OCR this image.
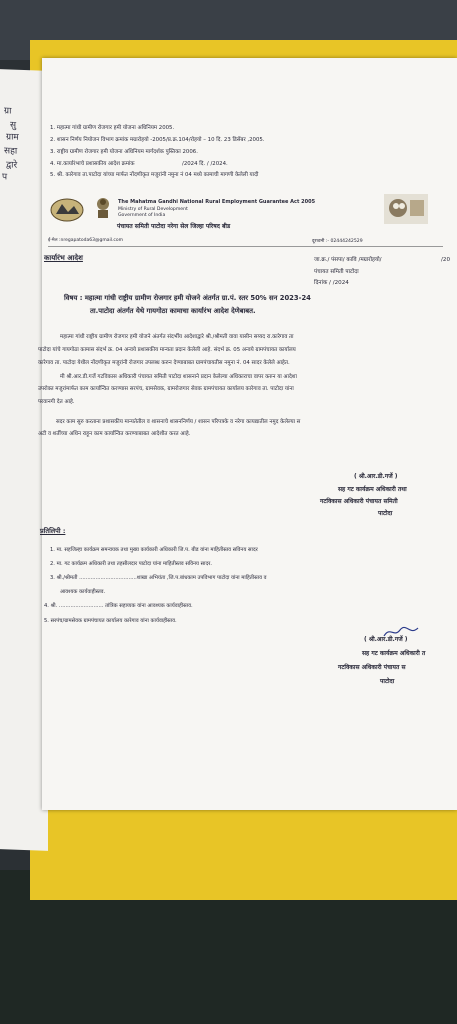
ग्रा
सु
ग्राम
सहा
द्वारे
प
1. महात्मा गांधी ग्रामीण रोजगार हमी योजना अधिनियम 2005.
2. शासन निर्णय नियोजन विभाग क्रमांक मग्रारोहयो -2005/प्र.क्र.104/रोहयो – 10 दि. 23 डिसेंबर ,2005.
3. राष्ट्रीय ग्रामीण रोजगार हमी योजना अधिनियम मार्गदर्शक पुस्तिका 2006.
4. मा.कार्यारंभाचे प्रशासकीय आदेश क्रमांक	/2024 दि. / /2024.
5. श्री. कारेगाव ता.पाटोदा यांच्या मार्फत नोंदणीकृत मजुरांनी नमुना नं 04 मध्ये कामाची मागणी केलेली यादी
The Mahatma Gandhi National Rural Employment Guarantee Act 2005
Ministry of Rural Development
Government of India
पंचायत समिती पाटोदा नरेगा सेल जिल्हा परिषद बीड
ई-मेल :nregapatoda63@gmail.com	दूरध्वनी :- 02444242529
कार्यारंभ आदेश	जा.क्र./ पंसपा/ कावि /मग्रारोहयो/	/20
पंचायत समिती पाटोदा
दिनांक / /2024
विषय : महात्मा गांधी राष्ट्रीय ग्रामीण रोजगार हमी योजने अंतर्गत ग्रा.पं. स्तर 50% सन 2023-24
ता.पाटोदा अंतर्गत येथे गायगोठा कामाचा कार्यारंभ आदेश देणेबाबत.
महात्मा गांधी राष्ट्रीय ग्रामीण रोजगार हमी योजने अंतर्गत संदर्भीय आदेशाद्वारे श्री./श्रीमती वावा यासीन सय्यद रा.कारेगाव ता
पाटोदा यांचे गायगोठा कामास संदर्भ क्र. 04 अन्वये प्रशासकीय मान्यता प्रदान केलेली आहे. संदर्भ क्र. 05 अन्वये ग्रामपंचायत कार्यालय
कारेगाव ता. पाटोदा येथील नोंदणीकृत मजुरांनी रोजगार उपलब्ध करुन देण्याबाबत ग्रामपंचायतीस नमुना नं. 04 सादर केलेले आहेत.
मी श्री.आर.डी.गर्जे गटविकास अधिकारी पंचायत समिती पाटोदा शासनाने प्रदान केलेल्या अधिकाराचा वापर करुन या आदेशा
उपरोक्त मजुरांमार्फत काम कार्यान्वित करण्यास सरपंच, ग्रामसेवक, ग्रामरोजगार सेवक ग्रामपंचायत कार्यालय कारेगाव ता. पाटोदा यांना
परवानगी देत आहे.
सदर काम सुरु करताना प्रशासकीय मान्यतेतील व शासनाचे शासननिर्णय / शासन परिपत्रके व नरेगा कायद्यातील नमुद केलेल्या स
अटी व शर्तीच्या अधिन राहून काम कार्यान्वित करण्याबाबत आदेशीत करत आहे.
( श्री.आर.डी.गर्जे )
सह गट कार्यक्रम अधिकारी तथा
गटविकास अधिकारी पंचायत समिती
पाटोदा
प्रतिलिपी :
1. मा. सहजिल्हा कार्यक्रम समन्वयक तथा मुख्य कार्यकारी अधिकारी जि.प. बीड यांना माहितीस्तव सविनय सादर
2. मा. गट कार्यक्रम अधिकारी तथा तहसीलदार पाटोदा यांना माहितीस्तव सविनय सादर.
3. श्री./श्रीमती ...................................शाखा अभियंता ,जि.प.बांधकाम उपविभाग पाटोदा यांना माहितीस्तव व
आवश्यक कार्यवाहीस्तव.
4. श्री. ........................... तांत्रिक सहाय्यक यांना आवश्यक कार्यवाहीस्तव.
5. सरपंच/ग्रामसेवक ग्रामपंचायत कार्यालय कारेगाव यांना कार्यवाहीस्तव.
( श्री.आर.डी.गर्जे )
सह गट कार्यक्रम अधिकारी त
गटविकास अधिकारी पंचायत स
पाटोदा
